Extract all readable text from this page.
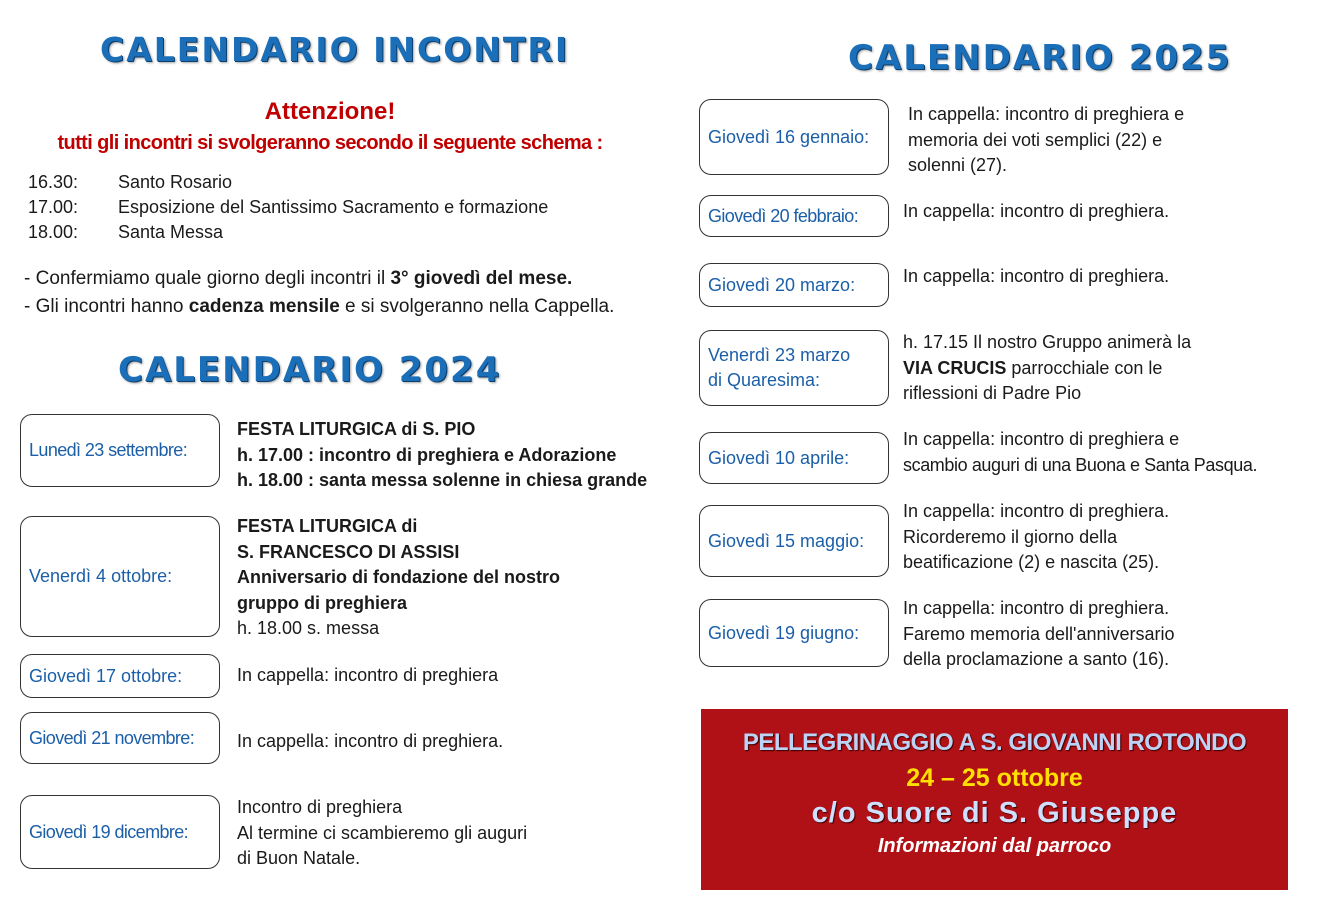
CALENDARIO INCONTRI
Attenzione!
tutti gli incontri si svolgeranno secondo il seguente schema :
16.30: Santo Rosario
17.00: Esposizione del Santissimo Sacramento e formazione
18.00: Santa Messa
- Confermiamo quale giorno degli incontri il 3° giovedì del mese.
- Gli incontri hanno cadenza mensile e si svolgeranno nella Cappella.
CALENDARIO 2024
Lunedì 23 settembre:
FESTA LITURGICA di S. PIO
h. 17.00 : incontro di preghiera e Adorazione
h. 18.00 : santa messa solenne in chiesa grande
Venerdì 4 ottobre:
FESTA LITURGICA di
S. FRANCESCO DI ASSISI
Anniversario di fondazione del nostro
gruppo di preghiera
h. 18.00 s. messa
Giovedì 17 ottobre:	In cappella: incontro di preghiera
Giovedì 21 novembre: In cappella: incontro di preghiera.
Giovedì 19 dicembre:
Incontro di preghiera
Al termine ci scambieremo gli auguri
di Buon Natale.
CALENDARIO 2025
Giovedì 16 gennaio:
In cappella: incontro di preghiera e
memoria dei voti semplici (22) e
solenni (27).
Giovedì 20 febbraio: In cappella: incontro di preghiera.
Giovedì 20 marzo:	In cappella: incontro di preghiera.
Venerdì 23 marzo
di Quaresima:
h. 17.15 Il nostro Gruppo animerà la
VIA CRUCIS parrocchiale con le
riflessioni di Padre Pio
Giovedì 10 aprile:
In cappella: incontro di preghiera e
scambio auguri di una Buona e Santa Pasqua.
Giovedì 15 maggio:
In cappella: incontro di preghiera.
Ricorderemo il giorno della
beatificazione (2) e nascita (25).
Giovedì 19 giugno:
In cappella: incontro di preghiera.
Faremo memoria dell'anniversario
della proclamazione a santo (16).
PELLEGRINAGGIO A S. GIOVANNI ROTONDO
24 – 25 ottobre
c/o Suore di S. Giuseppe
Informazioni dal parroco
